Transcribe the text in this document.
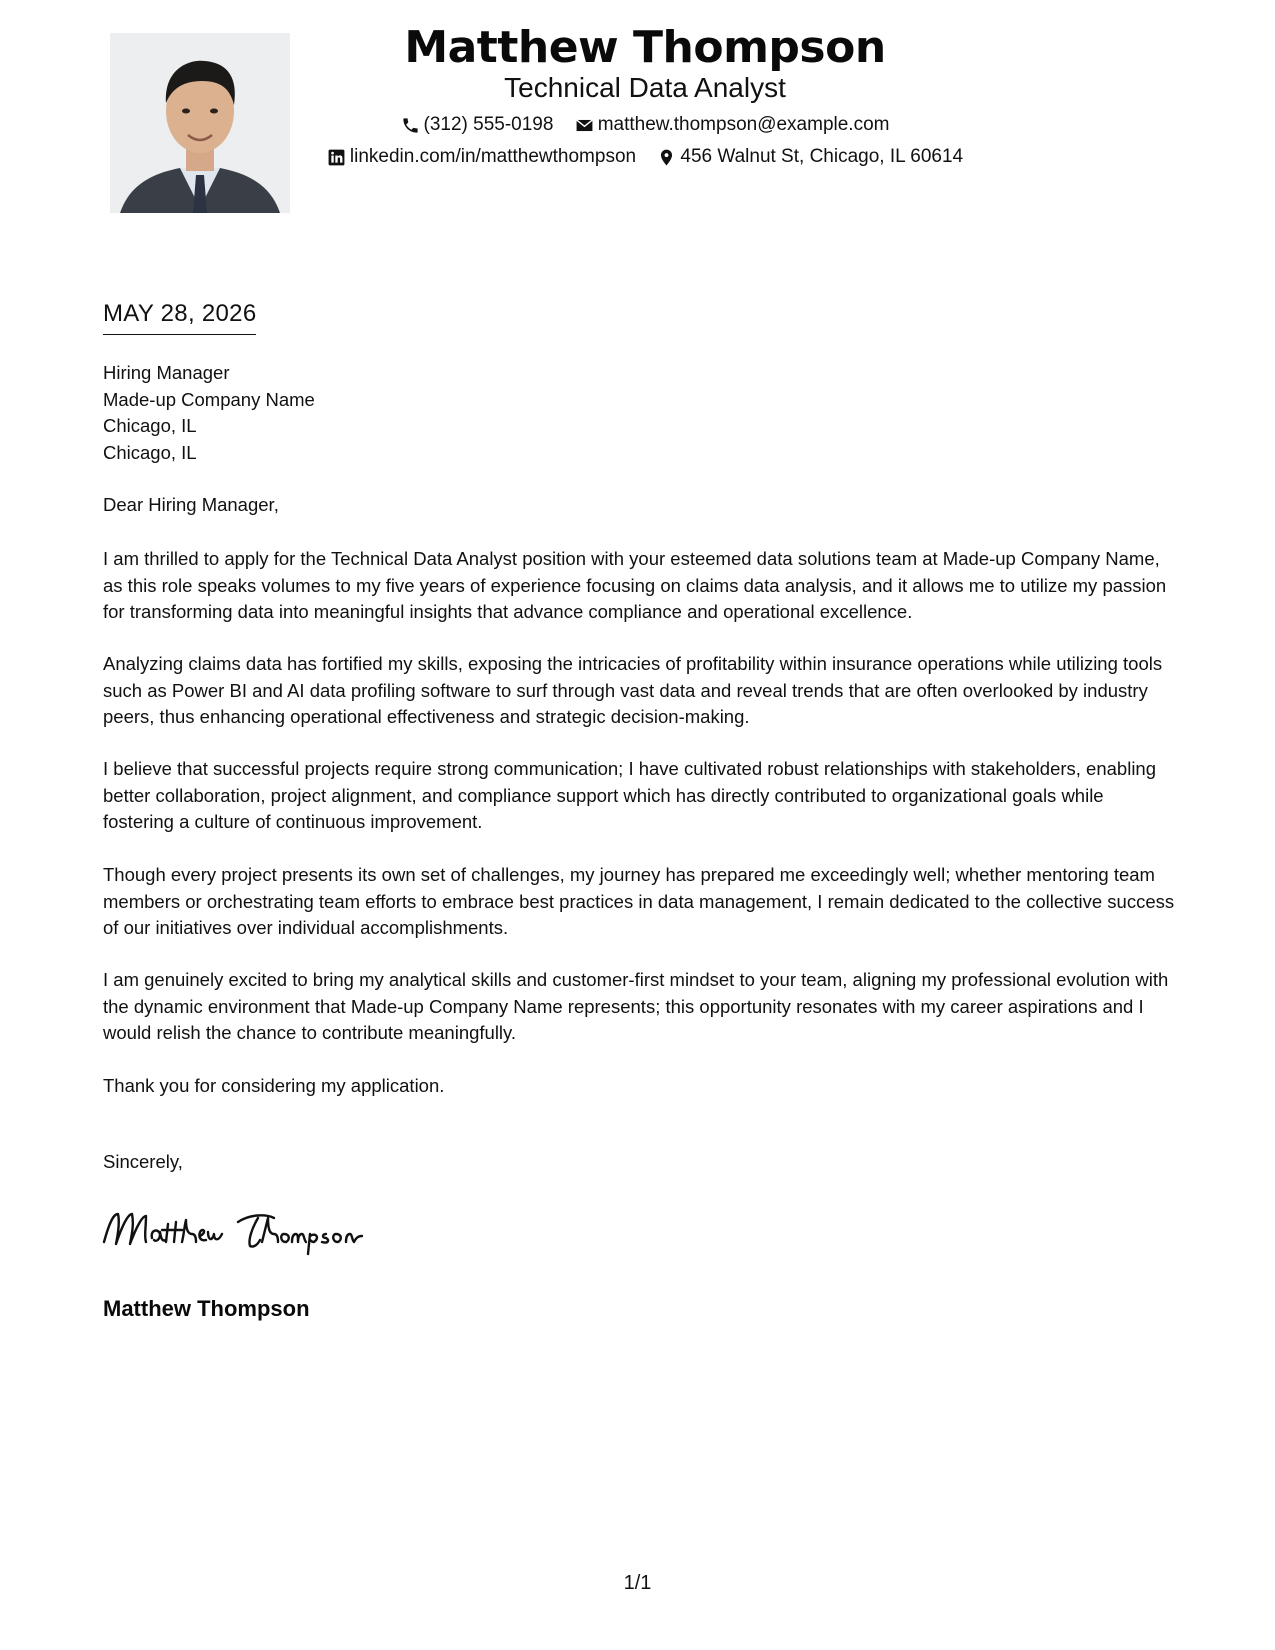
Matthew Thompson
Technical Data Analyst
(312) 555-0198
matthew.thompson@example.com
linkedin.com/in/matthewthompson
456 Walnut St, Chicago, IL 60614
MAY 28, 2026
Hiring Manager
Made-up Company Name
Chicago, IL
Chicago, IL
Dear Hiring Manager,
I am thrilled to apply for the Technical Data Analyst position with your esteemed data solutions team at Made-up Company Name, as this role speaks volumes to my five years of experience focusing on claims data analysis, and it allows me to utilize my passion for transforming data into meaningful insights that advance compliance and operational excellence.
Analyzing claims data has fortified my skills, exposing the intricacies of profitability within insurance operations while utilizing tools such as Power BI and AI data profiling software to surf through vast data and reveal trends that are often overlooked by industry peers, thus enhancing operational effectiveness and strategic decision-making.
I believe that successful projects require strong communication; I have cultivated robust relationships with stakeholders, enabling better collaboration, project alignment, and compliance support which has directly contributed to organizational goals while fostering a culture of continuous improvement.
Though every project presents its own set of challenges, my journey has prepared me exceedingly well; whether mentoring team members or orchestrating team efforts to embrace best practices in data management, I remain dedicated to the collective success of our initiatives over individual accomplishments.
I am genuinely excited to bring my analytical skills and customer-first mindset to your team, aligning my professional evolution with the dynamic environment that Made-up Company Name represents; this opportunity resonates with my career aspirations and I would relish the chance to contribute meaningfully.
Thank you for considering my application.
Sincerely,
Matthew Thompson
1/1
